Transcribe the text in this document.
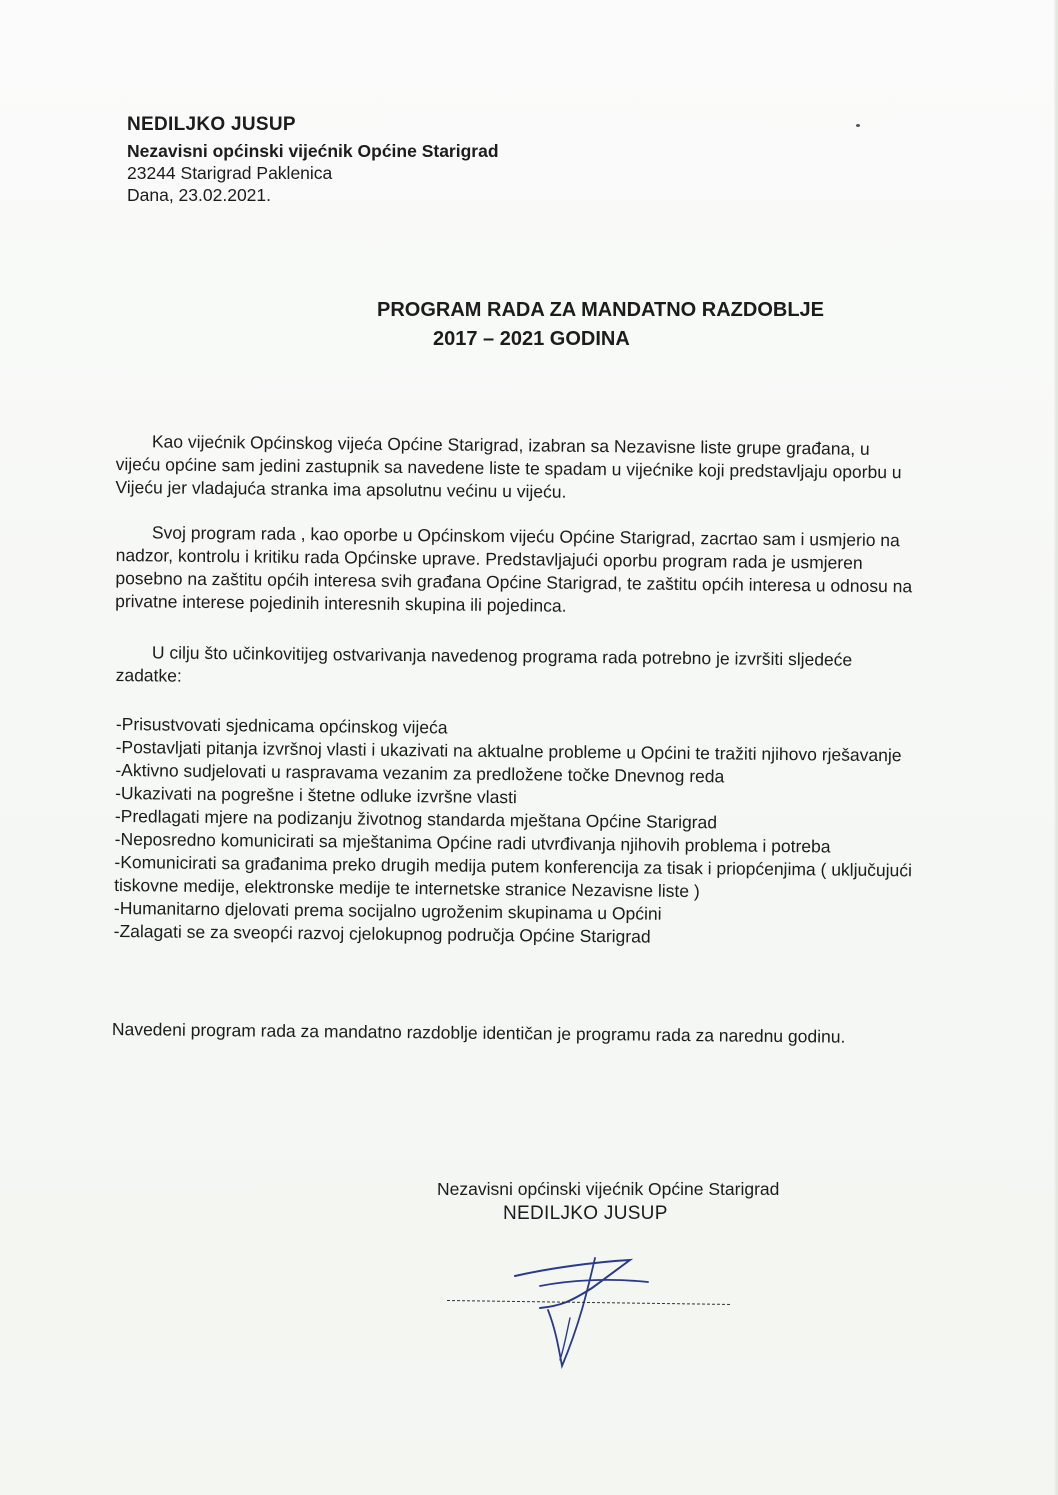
NEDILJKO JUSUP
Nezavisni općinski vijećnik Općine Starigrad
23244 Starigrad Paklenica
Dana, 23.02.2021.
PROGRAM RADA ZA MANDATNO RAZDOBLJE
2017 – 2021 GODINA

Kao vijećnik Općinskog vijeća Općine Starigrad, izabran sa Nezavisne liste grupe građana, u vijeću općine sam jedini zastupnik sa navedene liste te spadam u vijećnike koji predstavljaju oporbu u Vijeću jer vladajuća stranka ima apsolutnu većinu u vijeću.

Svoj program rada , kao oporbe u Općinskom vijeću Općine Starigrad, zacrtao sam i usmjerio na nadzor, kontrolu i kritiku rada Općinske uprave. Predstavljajući oporbu program rada je usmjeren posebno na zaštitu općih interesa svih građana Općine Starigrad, te zaštitu općih interesa u odnosu na privatne interese pojedinih interesnih skupina ili pojedinca.

U cilju što učinkovitijeg ostvarivanja navedenog programa rada potrebno je izvršiti sljedeće zadatke:

-Prisustvovati sjednicama općinskog vijeća
-Postavljati pitanja izvršnoj vlasti i ukazivati na aktualne probleme u Općini te tražiti njihovo rješavanje
-Aktivno sudjelovati u raspravama vezanim za predložene točke Dnevnog reda
-Ukazivati na pogrešne i štetne odluke izvršne vlasti
-Predlagati mjere na podizanju životnog standarda mještana Općine Starigrad
-Neposredno komunicirati sa mještanima Općine radi utvrđivanja njihovih problema i potreba
-Komunicirati sa građanima preko drugih medija putem konferencija za tisak i priopćenjima ( uključujući tiskovne medije, elektronske medije te internetske stranice Nezavisne liste )
-Humanitarno djelovati prema socijalno ugroženim skupinama u Općini
-Zalagati se za sveopći razvoj cjelokupnog područja Općine Starigrad

Navedeni program rada za mandatno razdoblje identičan je programu rada za narednu godinu.

Nezavisni općinski vijećnik Općine Starigrad
NEDILJKO JUSUP
